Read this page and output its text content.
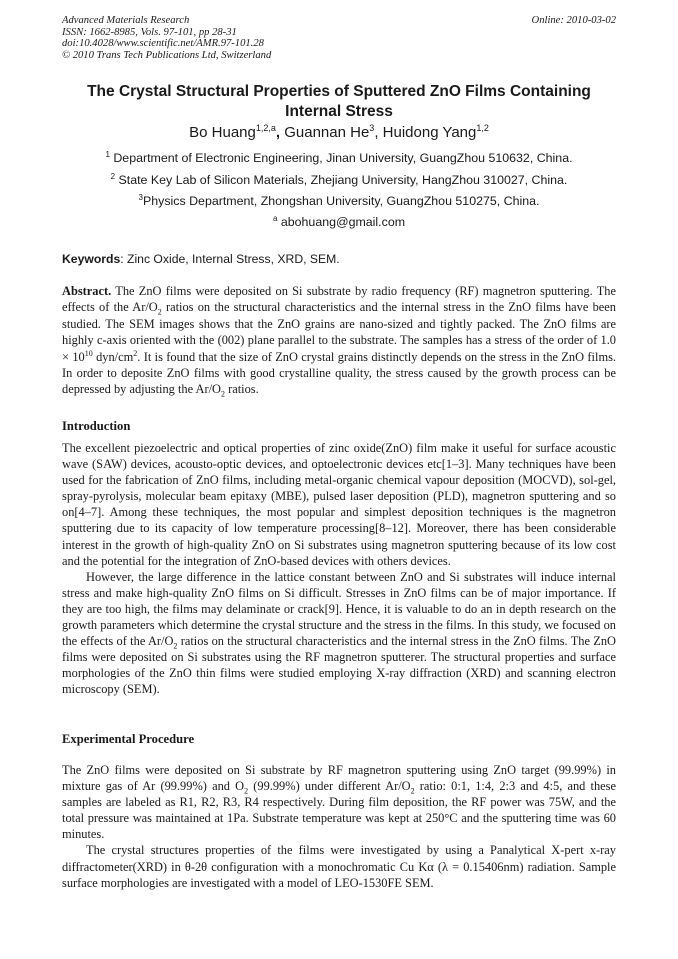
Advanced Materials Research
ISSN: 1662-8985, Vols. 97-101, pp 28-31
doi:10.4028/www.scientific.net/AMR.97-101.28
© 2010 Trans Tech Publications Ltd, Switzerland
Online: 2010-03-02
The Crystal Structural Properties of Sputtered ZnO Films Containing Internal Stress
Bo Huang$^{1,2,a}$, Guannan He$^3$, Huidong Yang$^{1,2}$
$^1$ Department of Electronic Engineering, Jinan University, GuangZhou 510632, China.
$^2$ State Key Lab of Silicon Materials, Zhejiang University, HangZhou 310027, China.
$^3$Physics Department, Zhongshan University, GuangZhou 510275, China.
$^a$ abohuang@gmail.com
Keywords: Zinc Oxide, Internal Stress, XRD, SEM.
Abstract. The ZnO films were deposited on Si substrate by radio frequency (RF) magnetron sputtering. The effects of the $Ar/O_2$ ratios on the structural characteristics and the internal stress in the ZnO films have been studied. The SEM images shows that the ZnO grains are nano-sized and tightly packed. The ZnO films are highly c-axis oriented with the (002) plane parallel to the substrate. The samples has a stress of the order of $1.0 \times 10^{10}$ dyn/$cm^2$. It is found that the size of ZnO crystal grains distinctly depends on the stress in the ZnO films. In order to deposite ZnO films with good crystalline quality, the stress caused by the growth process can be depressed by adjusting the $Ar/O_2$ ratios.
Introduction

The excellent piezoelectric and optical properties of zinc oxide(ZnO) film make it useful for surface acoustic wave (SAW) devices, acousto-optic devices, and optoelectronic devices etc[1–3]. Many techniques have been used for the fabrication of ZnO films, including metal-organic chemical vapour deposition (MOCVD), sol-gel, spray-pyrolysis, molecular beam epitaxy (MBE), pulsed laser deposition (PLD), magnetron sputtering and so on[4–7]. Among these techniques, the most popular and simplest deposition techniques is the magnetron sputtering due to its capacity of low temperature processing[8–12]. Moreover, there has been considerable interest in the growth of high-quality ZnO on Si substrates using magnetron sputtering because of its low cost and the potential for the integration of ZnO-based devices with others devices.

However, the large difference in the lattice constant between ZnO and Si substrates will induce internal stress and make high-quality ZnO films on Si difficult. Stresses in ZnO films can be of major importance. If they are too high, the films may delaminate or crack[9]. Hence, it is valuable to do an in depth research on the growth parameters which determine the crystal structure and the stress in the films. In this study, we focused on the effects of the $Ar/O_2$ ratios on the structural characteristics and the internal stress in the ZnO films. The ZnO films were deposited on Si substrates using the RF magnetron sputterer. The structural properties and surface morphologies of the ZnO thin films were studied employing X-ray diffraction (XRD) and scanning electron microscopy (SEM).

Experimental Procedure

The ZnO films were deposited on Si substrate by RF magnetron sputtering using ZnO target (99.99%) in mixture gas of Ar (99.99%) and $O_2$ (99.99%) under different $Ar/O_2$ ratio: 0:1, 1:4, 2:3 and 4:5, and these samples are labeled as R1, R2, R3, R4 respectively. During film deposition, the RF power was 75W, and the total pressure was maintained at 1Pa. Substrate temperature was kept at 250°C and the sputtering time was 60 minutes.

The crystal structures properties of the films were investigated by using a Panalytical X-pert x-ray diffractometer(XRD) in θ-2θ configuration with a monochromatic Cu Kα (λ = 0.15406nm) radiation. Sample surface morphologies are investigated with a model of LEO-1530FE SEM.
